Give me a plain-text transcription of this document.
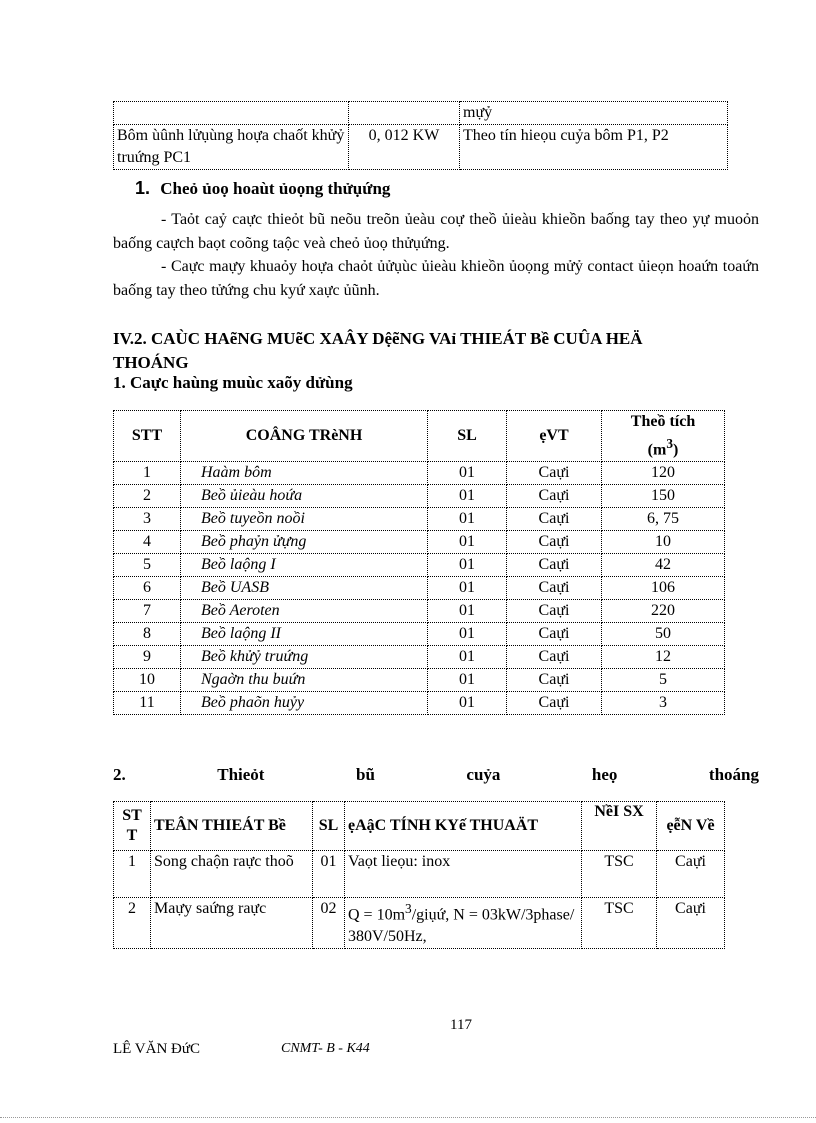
		mựỷ
Bôm ùûnh lửụùng hoựa chaốt khửỷ truứng PC1	0, 012 KW	Theo tín hieọu cuỷa bôm P1, P2
1. Cheỏ ủoọ hoaùt ủoọng thửụứng
- Taỏt caỷ caực thieỏt bũ neõu treõn ủeàu coự theồ ủieàu khieồn baống tay theo yự muoỏn baống caựch baọt coõng taộc veà cheỏ ủoọ thửụứng.
- Caực maựy khuaỏy hoựa chaỏt ủửụùc ủieàu khieồn ủoọng mửỷ contact ủieọn hoaứn toaứn baống tay theo tửứng chu kyứ xaực ủũnh.
IV.2. CAÙC HAẽNG MUẽC XAÂY DệẽNG VAỉ THIEÁT Bề CUÛA HEÄ
THOÁNG
1. Caực haùng muùc xaõy dửùng
STT	COÂNG TRèNH	SL	ẹVT	Theồ tích
$(m^3)$

1	Haàm bôm	01	Caựi	120
2	Beồ ủieàu hoứa	01	Caựi	150
3	Beồ tuyeồn noồi	01	Caựi	6, 75
4	Beồ phaỷn ửựng	01	Caựi	10
5	Beồ laộng I	01	Caựi	42
6	Beồ UASB	01	Caựi	106
7	Beồ Aeroten	01	Caựi	220
8	Beồ laộng II	01	Caựi	50
9	Beồ khửỷ truứng	01	Caựi	12
10	Ngaờn thu buứn	01	Caựi	5
11	Beồ phaõn huỷy	01	Caựi	3
2.	Thieỏt	bũ	cuỷa	heọ	thoáng
ST T	TEÂN THIEÁT Bề	SL	ẹAậC TÍNH KYế THUAÄT	NềI SX	ẹễN Về
1	Song chaộn raực thoõ	01	Vaọt lieọu: inox	TSC	Caựi
2	Maựy saứng raực	02	$Q = 10m^3$/giụứ, N = 03kW/3phase/ 380V/50Hz,	TSC	Caựi
117
LÊ VĂN ĐứC	CNMT- B - K44
